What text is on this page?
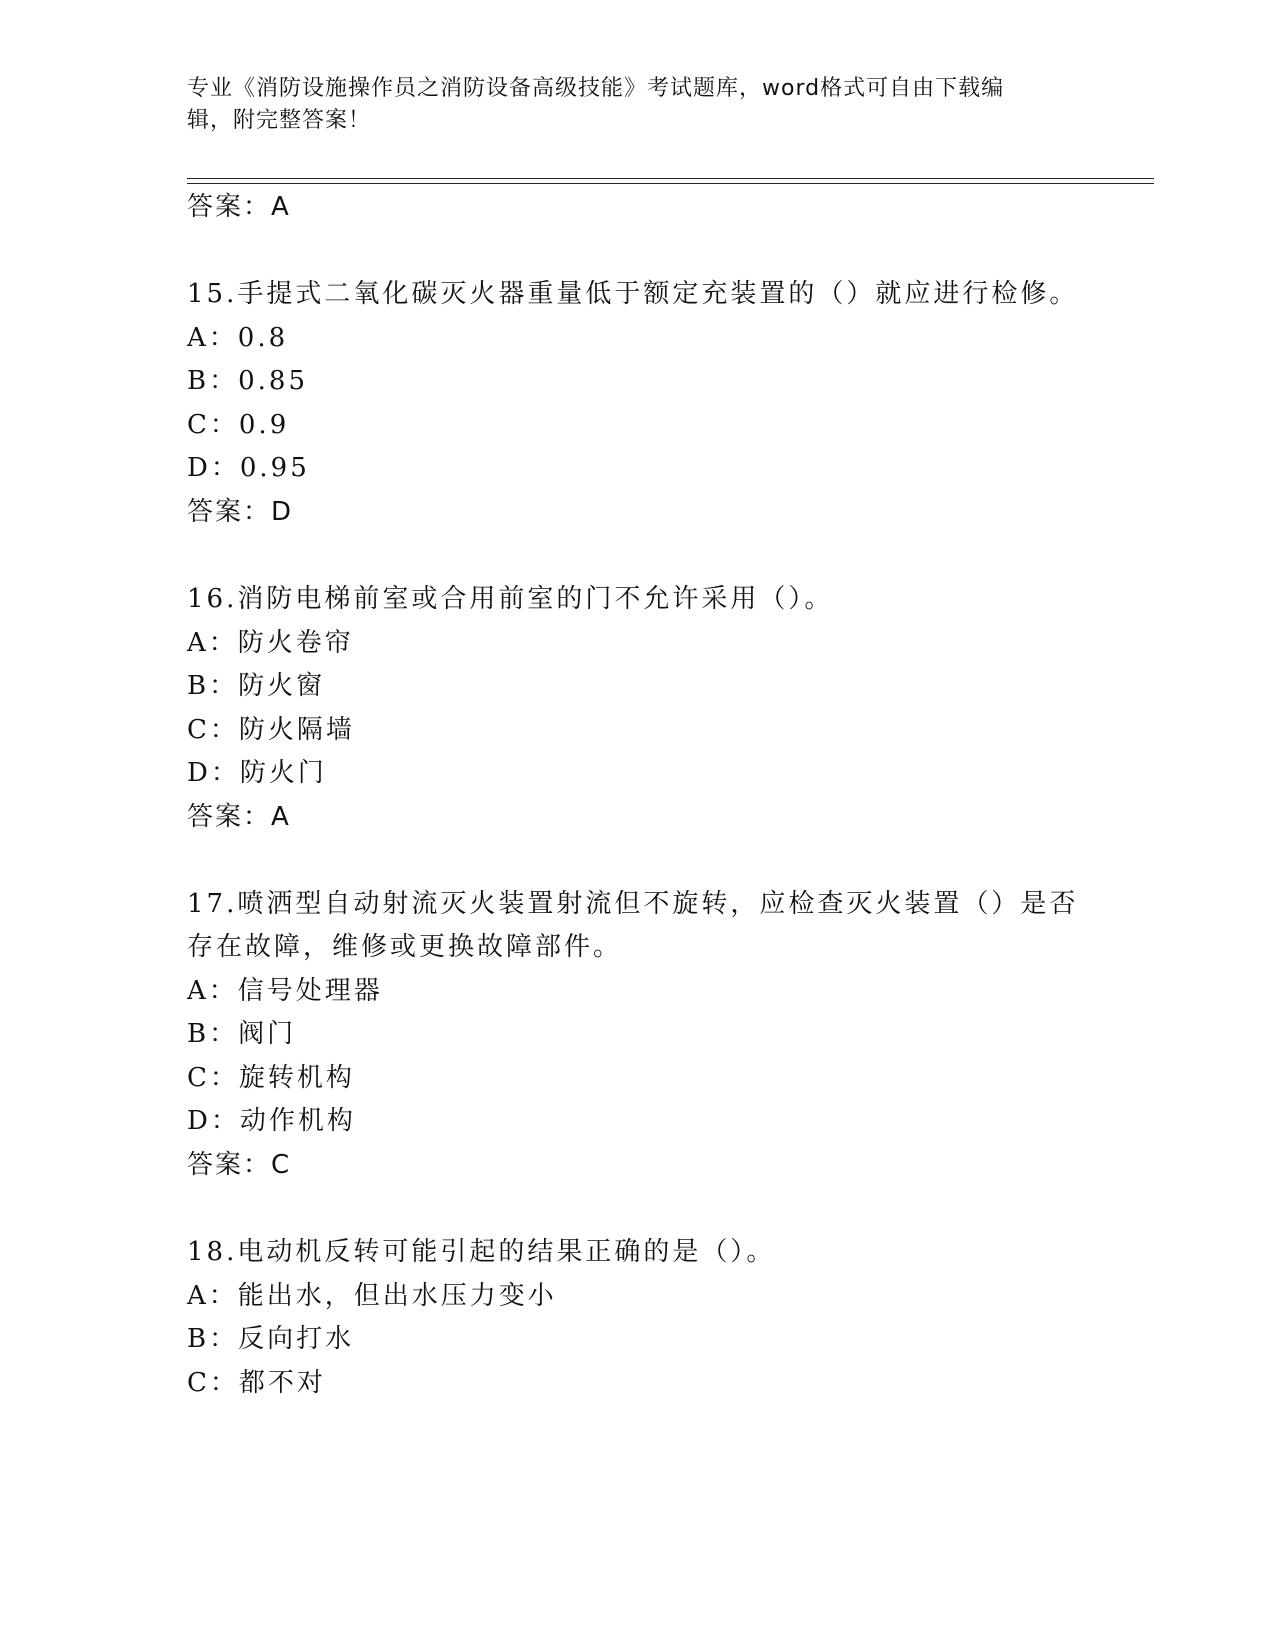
专业《消防设施操作员之消防设备高级技能》考试题库，word格式可自由下载编
辑，附完整答案！
答案：A
15.手提式二氧化碳灭火器重量低于额定充装置的（）就应进行检修。
A：0.8
B：0.85
C：0.9
D：0.95
答案：D
16.消防电梯前室或合用前室的门不允许采用（）。
A：防火卷帘
B：防火窗
C：防火隔墙
D：防火门
答案：A
17.喷洒型自动射流灭火装置射流但不旋转，应检查灭火装置（）是否
存在故障，维修或更换故障部件。
A：信号处理器
B：阀门
C：旋转机构
D：动作机构
答案：C
18.电动机反转可能引起的结果正确的是（）。
A：能出水，但出水压力变小
B：反向打水
C：都不对
